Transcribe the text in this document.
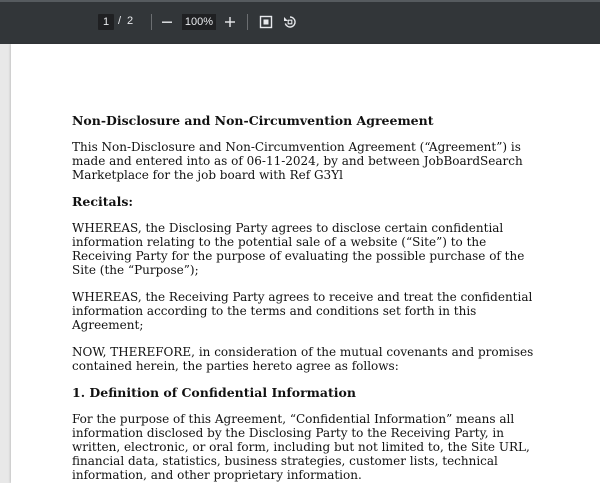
1 / 2	100%

Non-Disclosure and Non-Circumvention Agreement

This Non-Disclosure and Non-Circumvention Agreement (“Agreement”) is made and entered into as of 06-11-2024, by and between JobBoardSearch Marketplace for the job board with Ref G3Yl

Recitals:

WHEREAS, the Disclosing Party agrees to disclose certain confidential information relating to the potential sale of a website (“Site”) to the Receiving Party for the purpose of evaluating the possible purchase of the Site (the “Purpose”);

WHEREAS, the Receiving Party agrees to receive and treat the confidential information according to the terms and conditions set forth in this Agreement;

NOW, THEREFORE, in consideration of the mutual covenants and promises contained herein, the parties hereto agree as follows:

1. Definition of Confidential Information

For the purpose of this Agreement, “Confidential Information” means all information disclosed by the Disclosing Party to the Receiving Party, in written, electronic, or oral form, including but not limited to, the Site URL, financial data, statistics, business strategies, customer lists, technical information, and other proprietary information.
